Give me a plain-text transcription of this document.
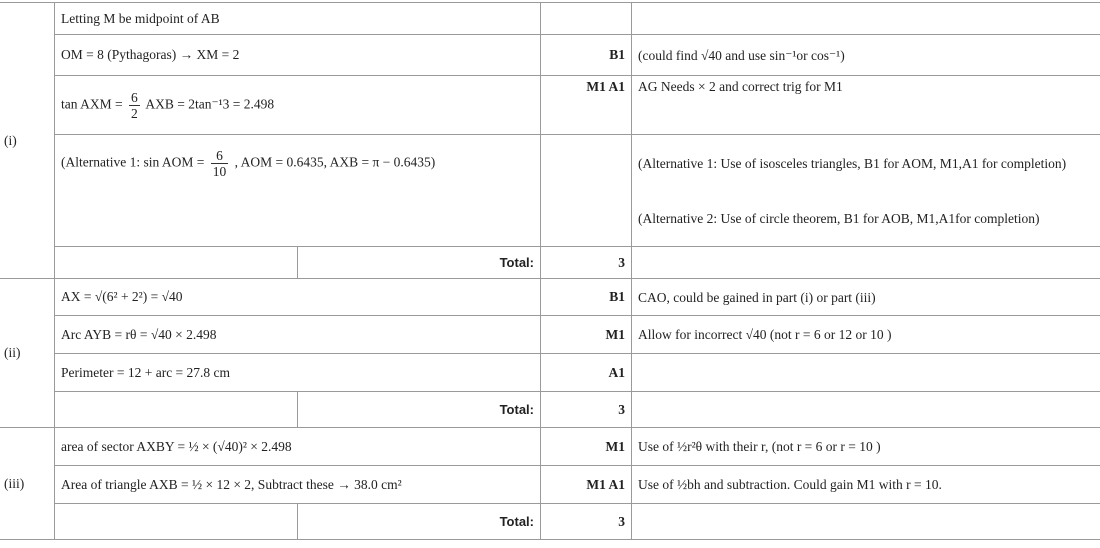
(i)	Letting M be midpoint of AB			
	OM = 8 (Pythagoras) → XM = 2		B1	(could find √40 and use sin⁻¹or cos⁻¹)
	tan AXM = $\frac{6}{2}$ AXB = 2tan⁻¹3 = 2.498		M1 A1	AG Needs × 2 and correct trig for M1
	(Alternative 1: sin AOM = $\frac{6}{10}$ , AOM = 0.6435, AXB = π − 0.6435)			(Alternative 1: Use of isosceles triangles, B1 for AOM, M1,A1 for completion)
				(Alternative 2: Use of circle theorem, B1 for AOB, M1,A1for completion)
		Total:	3	
(ii)	AX = √(6² + 2²) = √40		B1	CAO, could be gained in part (i) or part (iii)
	Arc AYB = rθ = √40 × 2.498		M1	Allow for incorrect √40 (not r = 6 or 12 or 10 )
	Perimeter = 12 + arc = 27.8 cm		A1	
		Total:	3	
(iii)	area of sector AXBY = ½ × (√40)² × 2.498		M1	Use of ½r²θ with their r, (not r = 6 or r = 10 )
	Area of triangle AXB = ½ × 12 × 2, Subtract these → 38.0 cm²		M1 A1	Use of ½bh and subtraction. Could gain M1 with r = 10.
		Total:	3	
